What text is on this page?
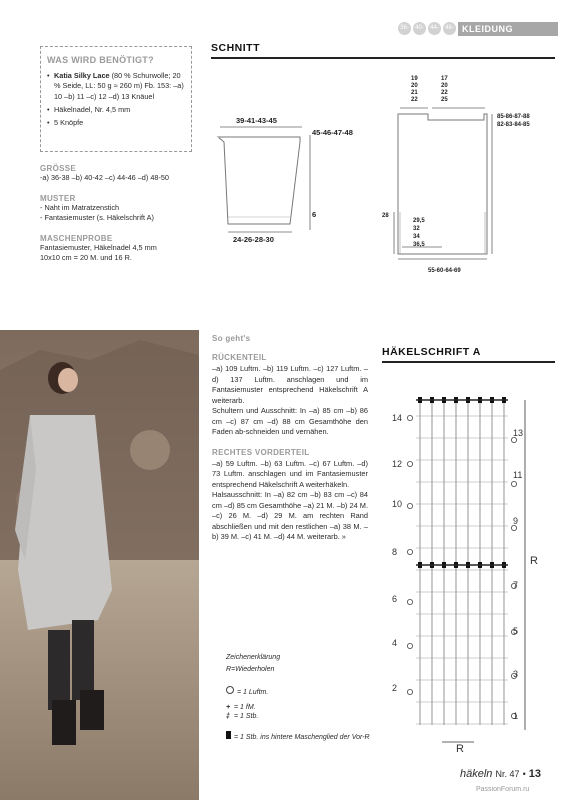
36-38
40-42
44-46
48-50
KLEIDUNG
WAS WIRD BENÖTIGT?
• Katia Silky Lace (80 % Schurwolle; 20 % Seide, LL: 50 g ≈ 260 m) Fb. 153: –a) 10 –b) 11 –c) 12 –d) 13 Knäuel
• Häkelnadel, Nr. 4,5 mm
• 5 Knöpfe
GRÖSSE
-a) 36-38 –b) 40-42 –c) 44-46 –d) 48-50
MUSTER
- Naht im Matratzenstich
- Fantasiemuster (s. Häkelschrift A)
MASCHENPROBE
Fantasiemuster, Häkelnadel 4,5 mm
10x10 cm = 20 M. und 16 R.
SCHNITT
39-41-43-45
45-46-47-48
6
24-26-28-30
19
20
21
22
17
20
22
25
85-86-87-88
82-83-84-85
28
29,5
32
34
36,5
55-60-64-69
So geht's
RÜCKENTEIL
–a) 109 Luftm. –b) 119 Luftm. –c) 127 Luftm. –d) 137 Luftm. anschlagen und im Fantasiemuster entsprechend Häkelschrift A weiterarb.
Schultern und Ausschnitt: In –a) 85 cm –b) 86 cm –c) 87 cm –d) 88 cm Gesamthöhe den Faden ab-schneiden und vernähen.
RECHTES VORDERTEIL
–a) 59 Luftm. –b) 63 Luftm. –c) 67 Luftm. –d) 73 Luftm. anschlagen und im Fantasiemuster entsprechend Häkelschrift A weiterhäkeln.
Halsausschnitt: In –a) 82 cm –b) 83 cm –c) 84 cm –d) 85 cm Gesamthöhe –a) 21 M. –b) 24 M. –c) 26 M. –d) 29 M. am rechten Rand abschließen und mit den restlichen –a) 38 M. –b) 39 M. –c) 41 M. –d) 44 M. weiterarb. »
HÄKELSCHRIFT A
14
12
10
8
6
4
2
13
11
9
7
5
3
1
R
R
Zeichenerklärung
R=Wiederholen
= 1 Luftm.
+ = 1 fM.
‡ = 1 Stb.
= 1 Stb. ins hintere Maschenglied der Vor-R
häkeln Nr. 47 • 13
PassionForum.ru
